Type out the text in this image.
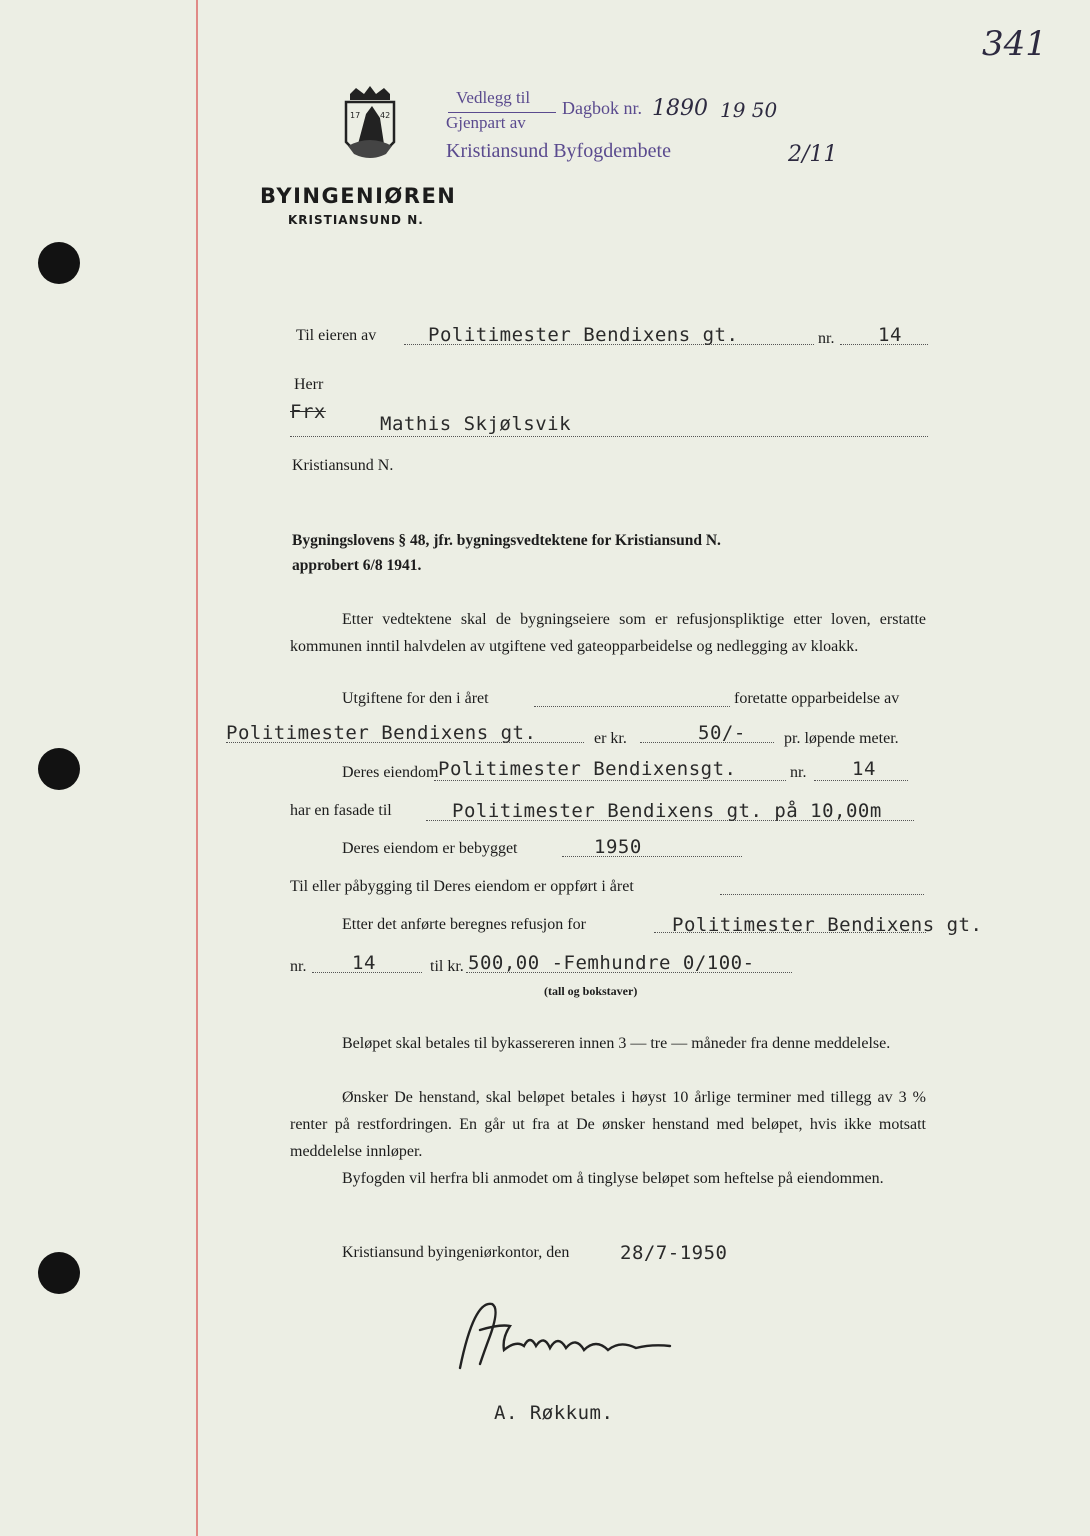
341
17 42
BYINGENIØREN
KRISTIANSUND N.
Vedlegg til
Gjenpart av
Dagbok nr. 1890 19 50
Kristiansund Byfogdembete	2/11
Til eieren av	Politimester Bendixens gt.	nr. 14
Herr
Frx
Mathis Skjølsvik
Kristiansund N.
Bygningslovens § 48, jfr. bygningsvedtektene for Kristiansund N.
approbert 6/8 1941.
Etter vedtektene skal de bygningseiere som er refusjonspliktige etter loven, erstatte kommunen inntil halvdelen av utgiftene ved gateopparbeidelse og nedlegging av kloakk.
Utgiftene for den i året	foretatte opparbeidelse av
Politimester Bendixens gt.	er kr.	50/- pr. løpende meter.
Deres eiendom Politimester Bendixensgt.	nr. 14
har en fasade til	Politimester Bendixens gt. på 10,00m
Deres eiendom er bebygget	1950
Til eller påbygging til Deres eiendom er oppført i året
Etter det anførte beregnes refusjon for	Politimester Bendixens gt.
nr. 14	til kr. 500,00 -Femhundre 0/100-
(tall og bokstaver)
Beløpet skal betales til bykassereren innen 3 — tre — måneder fra denne meddelelse.
Ønsker De henstand, skal beløpet betales i høyst 10 årlige terminer med tillegg av 3 % renter på restfordringen. En går ut fra at De ønsker henstand med beløpet, hvis ikke motsatt meddelelse innløper.
Byfogden vil herfra bli anmodet om å tinglyse beløpet som heftelse på eiendommen.
Kristiansund byingeniørkontor, den	28/7-1950
ARøkkum
A. Røkkum.
